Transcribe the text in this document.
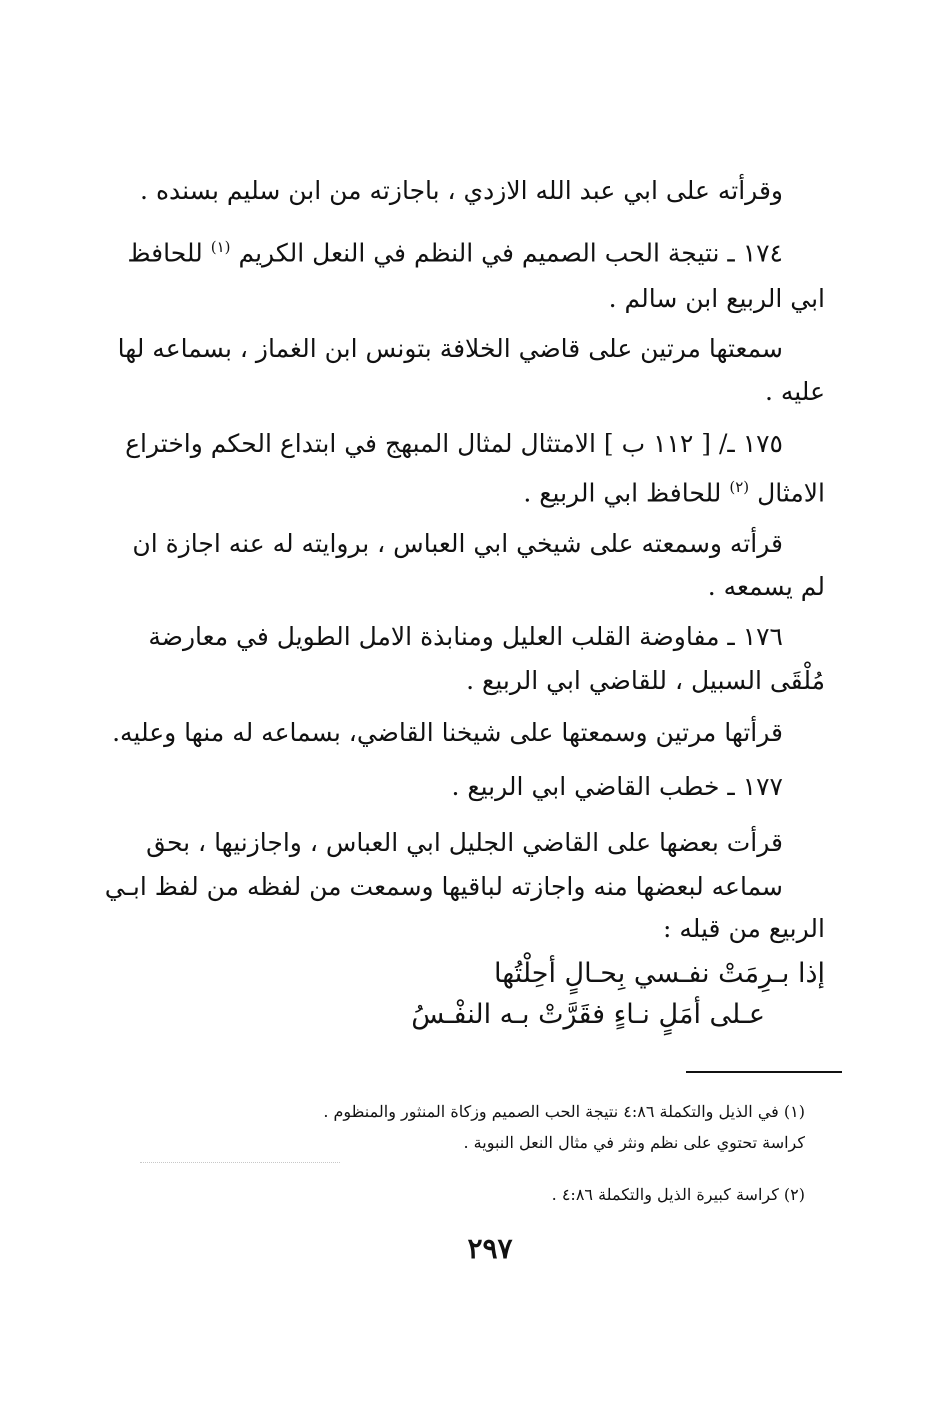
وقرأته على ابي عبد الله الازدي ، باجازته من ابن سليم بسنده .
١٧٤ ـ نتيجة الحب الصميم في النظم في النعل الكريم $^{(١)}$ للحافظ
ابي الربيع ابن سالم .
سمعتها مرتين على قاضي الخلافة بتونس ابن الغماز ، بسماعه لها
عليه .
١٧٥ ـ/ [ ١١٢ ب ] الامتثال لمثال المبهج في ابتداع الحكم واختراع
الامثال $^{(٢)}$ للحافظ ابي الربيع .
قرأته وسمعته على شيخي ابي العباس ، بروايته له عنه اجازة ان
لم يسمعه .
١٧٦ ـ مفاوضة القلب العليل ومنابذة الامل الطويل في معارضة
مُلْقَى السبيل ، للقاضي ابي الربيع .
قرأتها مرتين وسمعتها على شيخنا القاضي، بسماعه له منها وعليه.
١٧٧ ـ خطب القاضي ابي الربيع .
قرأت بعضها على القاضي الجليل ابي العباس ، واجازنيها ، بحق
سماعه لبعضها منه واجازته لباقيها وسمعت من لفظه من لفظ ابـي
الربيع من قيله :
إذا بـرِمَتْ نفـسي بِحـالٍ أحِلْتُها
عـلى أمَلٍ نـاءٍ فقَرَّتْ بـه النفْـسُ
(١) في الذيل والتكملة ٤:٨٦ نتيجة الحب الصميم وزكاة المنثور والمنظوم .
كراسة تحتوي على نظم ونثر في مثال النعل النبوية .
(٢) كراسة كبيرة الذيل والتكملة ٤:٨٦ .
٢٩٧
